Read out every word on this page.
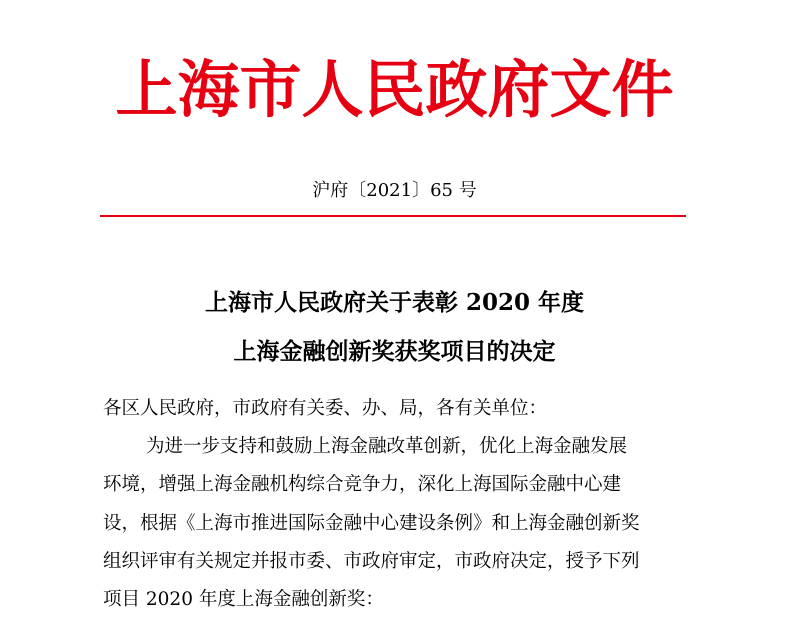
上海市人民政府文件
沪府〔2021〕65 号
上海市人民政府关于表彰 2020 年度
上海金融创新奖获奖项目的决定
各区人民政府，市政府有关委、办、局，各有关单位：
为进一步支持和鼓励上海金融改革创新，优化上海金融发展
环境，增强上海金融机构综合竞争力，深化上海国际金融中心建
设，根据《上海市推进国际金融中心建设条例》和上海金融创新奖
组织评审有关规定并报市委、市政府审定，市政府决定，授予下列
项目 2020 年度上海金融创新奖：
